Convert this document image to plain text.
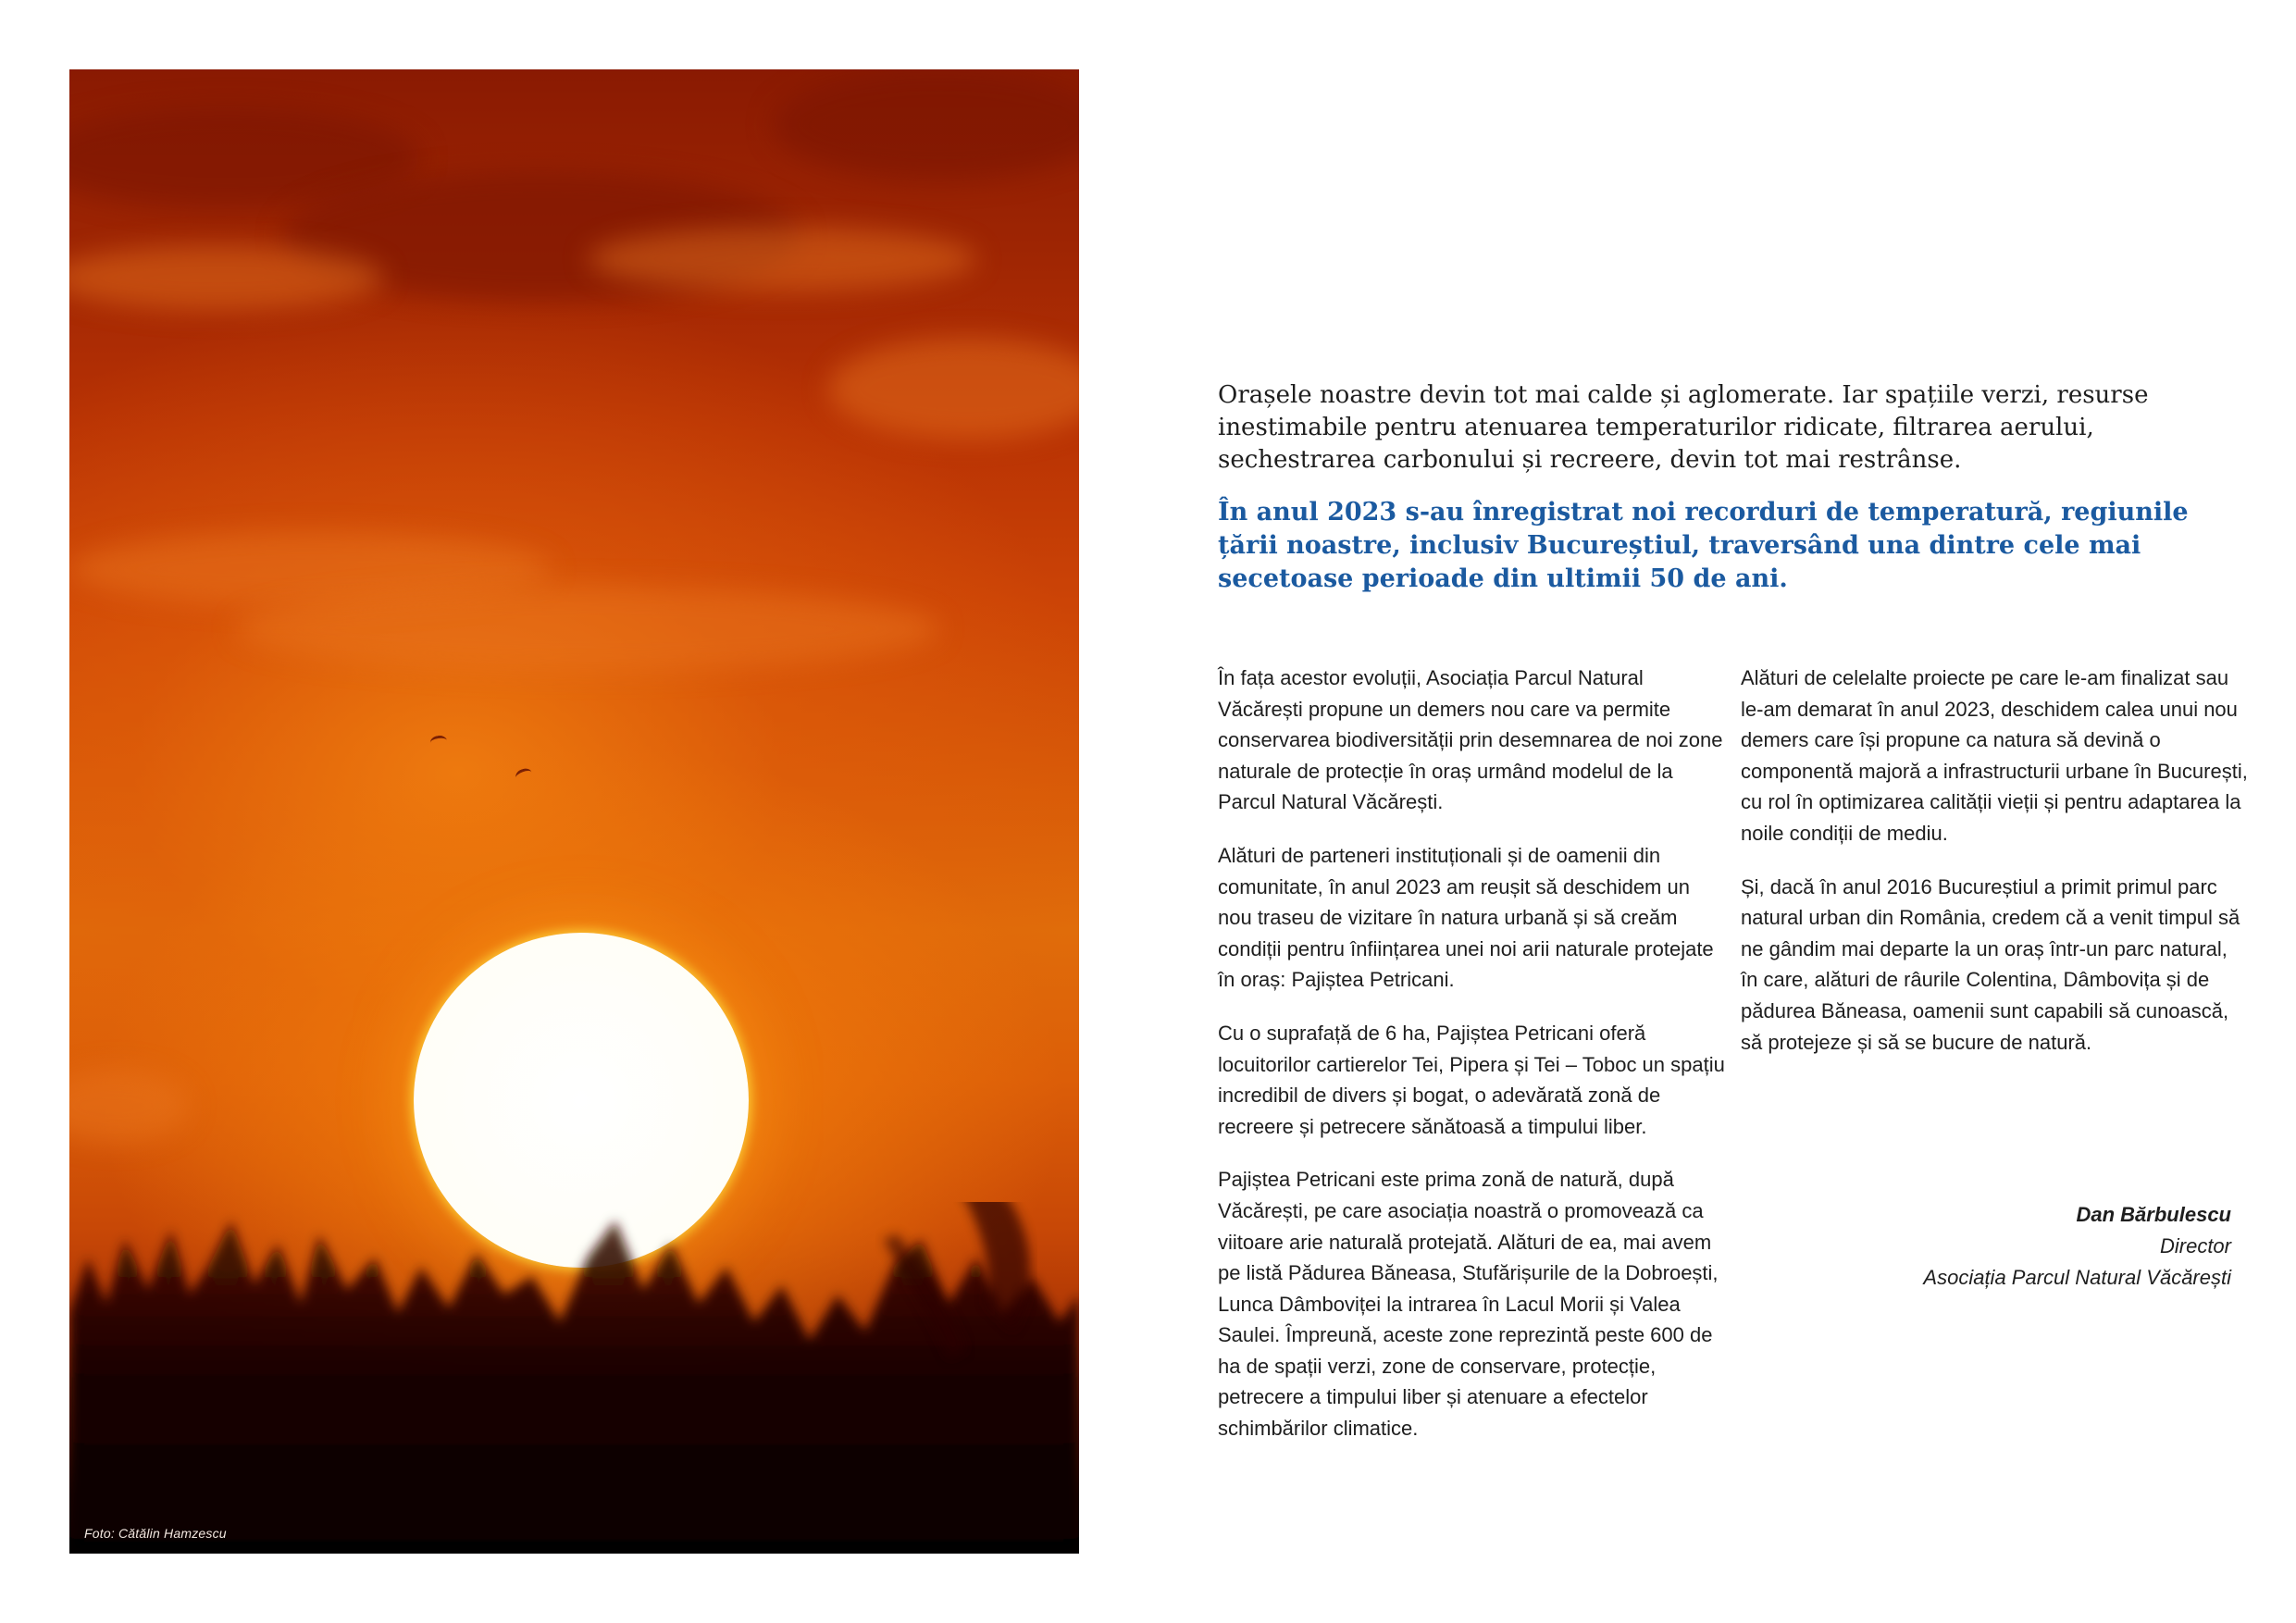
Foto: Cătălin Hamzescu

Orașele noastre devin tot mai calde și aglomerate. Iar spațiile verzi, resurse inestimabile pentru atenuarea temperaturilor ridicate, filtrarea aerului, sechestrarea carbonului și recreere, devin tot mai restrânse.

În anul 2023 s-au înregistrat noi recorduri de temperatură, regiunile țării noastre, inclusiv Bucureștiul, traversând una dintre cele mai secetoase perioade din ultimii 50 de ani.

În fața acestor evoluții, Asociația Parcul Natural Văcărești propune un demers nou care va permite conservarea biodiversității prin desemnarea de noi zone naturale de protecție în oraș urmând modelul de la Parcul Natural Văcărești.

Alături de parteneri instituționali și de oamenii din comunitate, în anul 2023 am reușit să deschidem un nou traseu de vizitare în natura urbană și să creăm condiții pentru înființarea unei noi arii naturale protejate în oraș: Pajiștea Petricani.

Cu o suprafață de 6 ha, Pajiștea Petricani oferă locuitorilor cartierelor Tei, Pipera și Tei – Toboc un spațiu incredibil de divers și bogat, o adevărată zonă de recreere și petrecere sănătoasă a timpului liber.

Pajiștea Petricani este prima zonă de natură, după Văcărești, pe care asociația noastră o promovează ca viitoare arie naturală protejată. Alături de ea, mai avem pe listă Pădurea Băneasa, Stufărișurile de la Dobroești, Lunca Dâmboviței la intrarea în Lacul Morii și Valea Saulei. Împreună, aceste zone reprezintă peste 600 de ha de spații verzi, zone de conservare, protecție, petrecere a timpului liber și atenuare a efectelor schimbărilor climatice.

Alături de celelalte proiecte pe care le-am finalizat sau le-am demarat în anul 2023, deschidem calea unui nou demers care își propune ca natura să devină o componentă majoră a infrastructurii urbane în București, cu rol în optimizarea calității vieții și pentru adaptarea la noile condiții de mediu.

Și, dacă în anul 2016 Bucureștiul a primit primul parc natural urban din România, credem că a venit timpul să ne gândim mai departe la un oraș într-un parc natural, în care, alături de râurile Colentina, Dâmbovița și de pădurea Băneasa, oamenii sunt capabili să cunoască, să protejeze și să se bucure de natură.

Dan Bărbulescu
Director
Asociația Parcul Natural Văcărești
